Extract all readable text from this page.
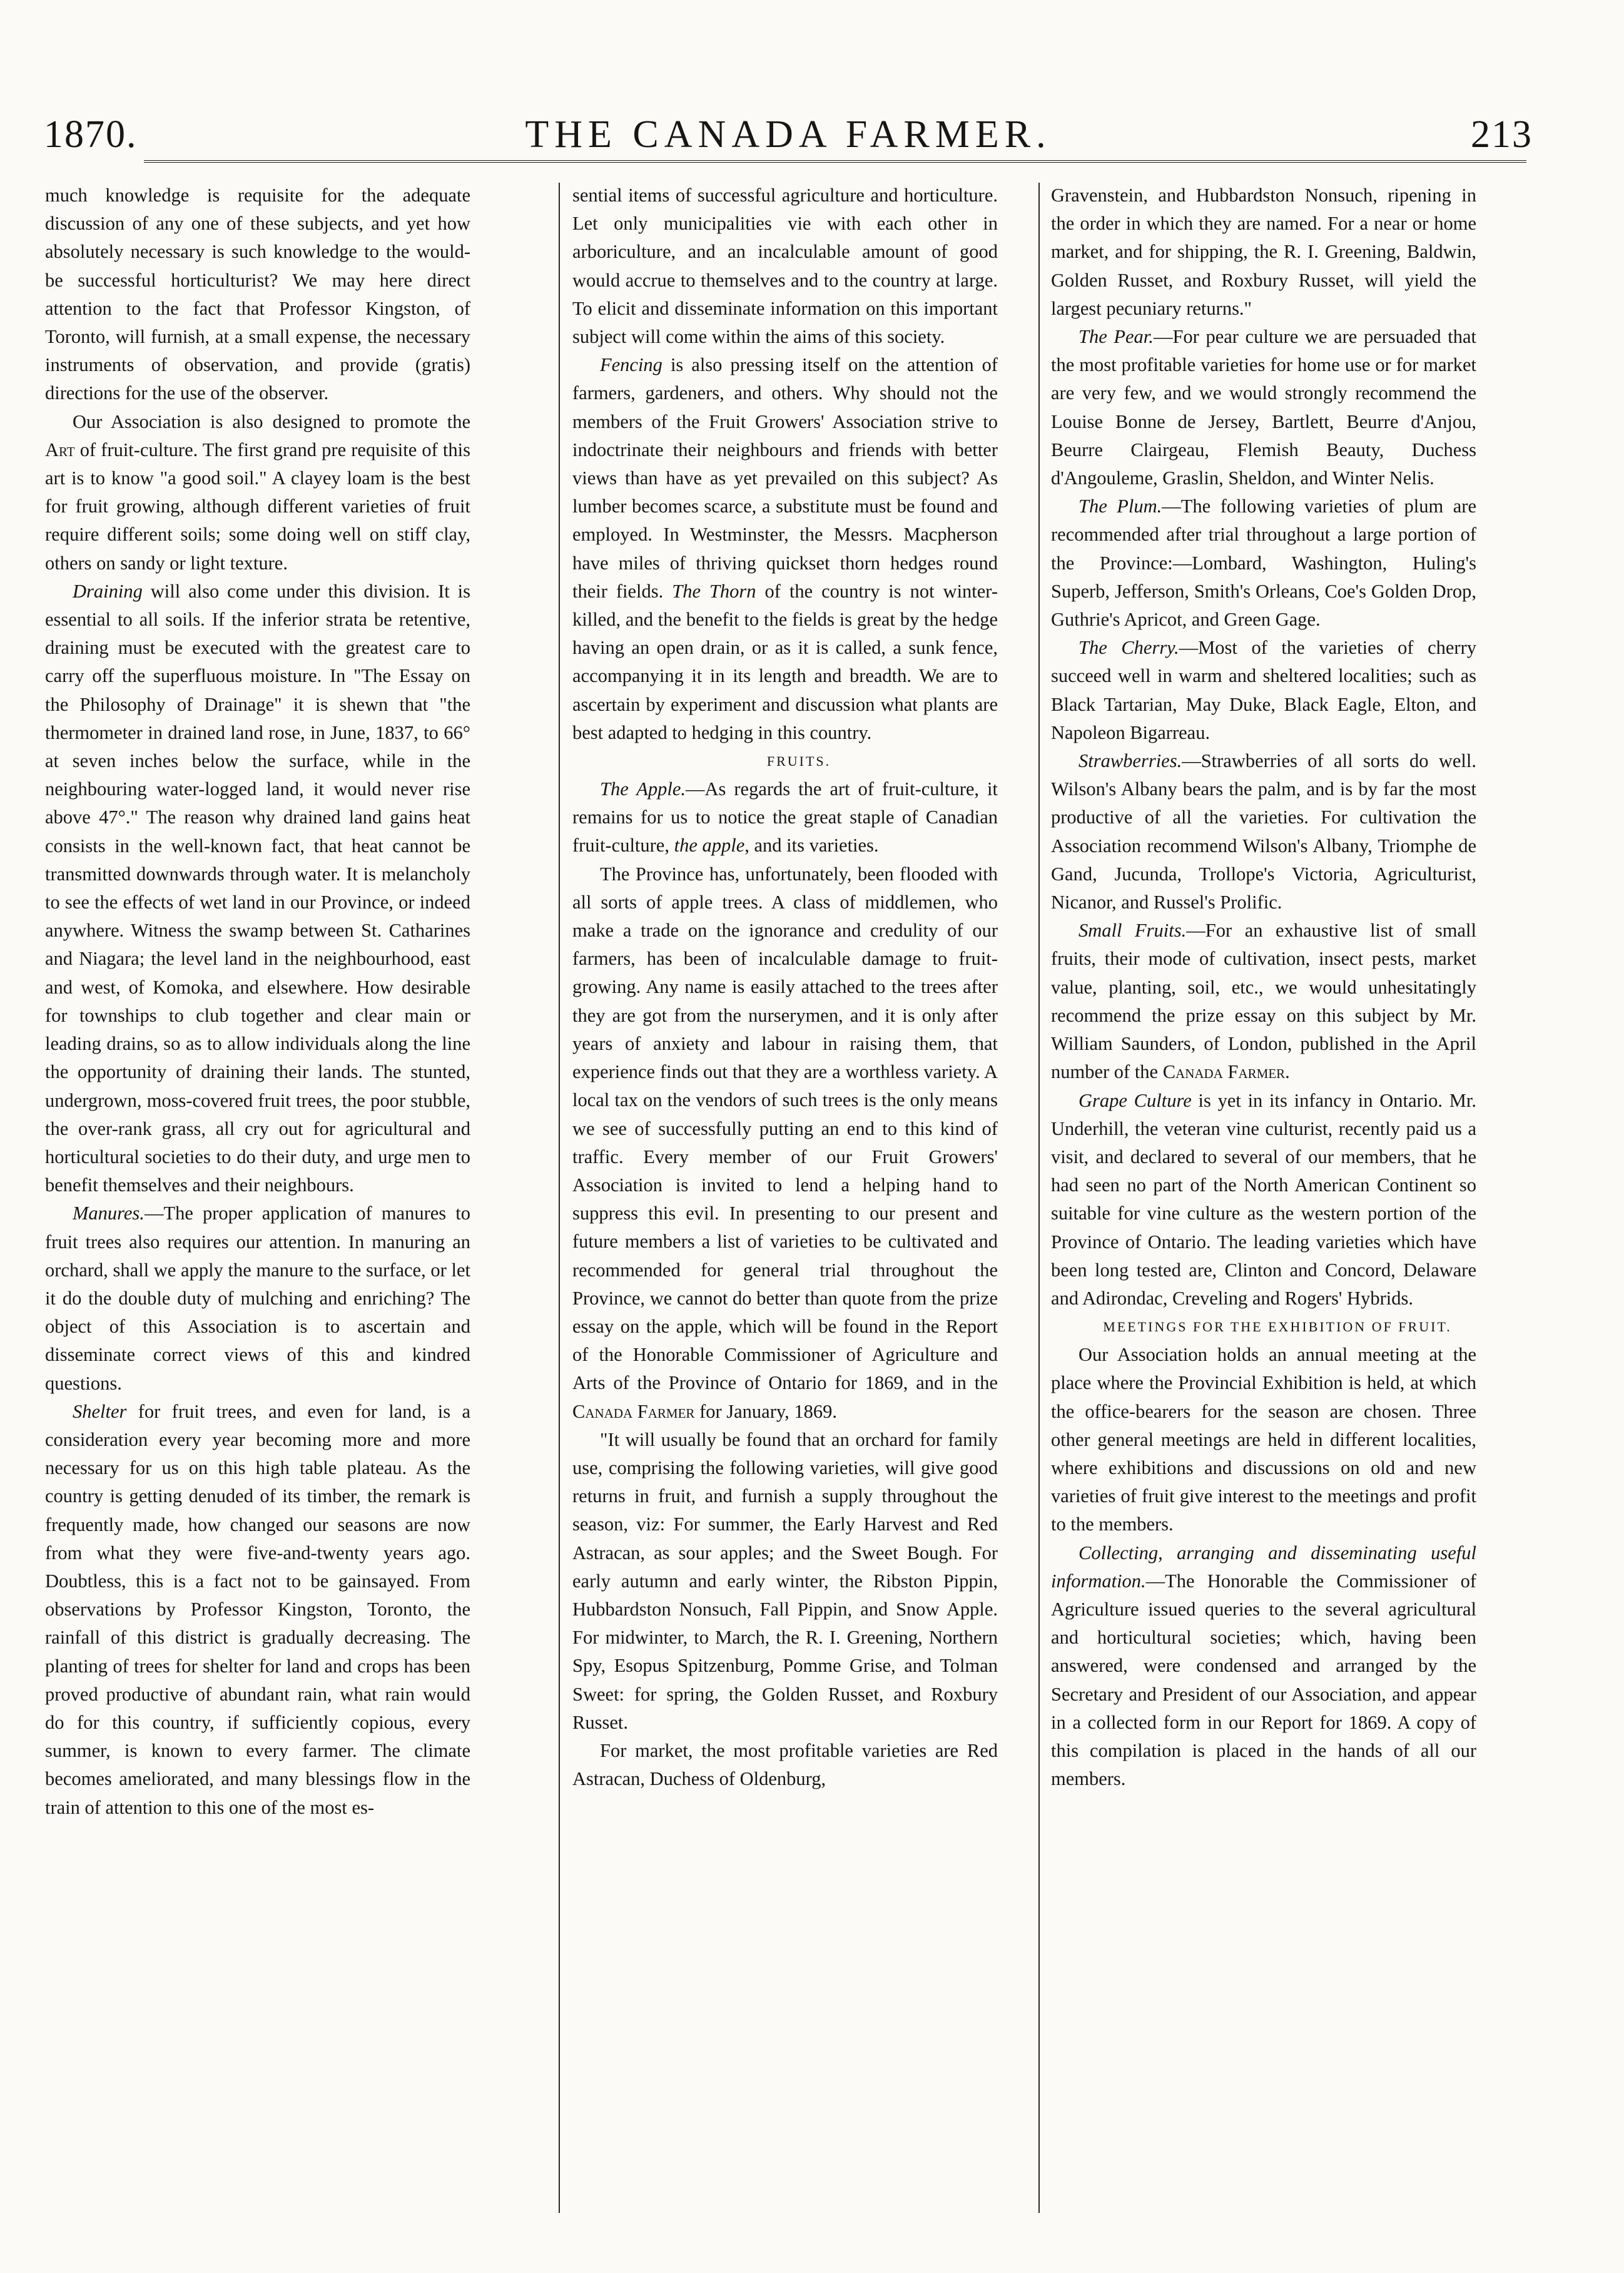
1870.	THE CANADA FARMER.	213

much knowledge is requisite for the adequate discussion of any one of these subjects, and yet how absolutely necessary is such knowledge to the would-be successful horticulturist? We may here direct attention to the fact that Professor Kingston, of Toronto, will furnish, at a small expense, the necessary instruments of observation, and provide (gratis) directions for the use of the observer.

Our Association is also designed to promote the Art of fruit-culture. The first grand pre requisite of this art is to know "a good soil." A clayey loam is the best for fruit growing, although different varieties of fruit require different soils; some doing well on stiff clay, others on sandy or light texture.

Draining will also come under this division. It is essential to all soils. If the inferior strata be retentive, draining must be executed with the greatest care to carry off the superfluous moisture. In "The Essay on the Philosophy of Drainage" it is shewn that "the thermometer in drained land rose, in June, 1837, to 66° at seven inches below the surface, while in the neighbouring water-logged land, it would never rise above 47°." The reason why drained land gains heat consists in the well-known fact, that heat cannot be transmitted downwards through water. It is melancholy to see the effects of wet land in our Province, or indeed anywhere. Witness the swamp between St. Catharines and Niagara; the level land in the neighbourhood, east and west, of Komoka, and elsewhere. How desirable for townships to club together and clear main or leading drains, so as to allow individuals along the line the opportunity of draining their lands. The stunted, undergrown, moss-covered fruit trees, the poor stubble, the over-rank grass, all cry out for agricultural and horticultural societies to do their duty, and urge men to benefit themselves and their neighbours.

Manures.—The proper application of manures to fruit trees also requires our attention. In manuring an orchard, shall we apply the manure to the surface, or let it do the double duty of mulching and enriching? The object of this Association is to ascertain and disseminate correct views of this and kindred questions.

Shelter for fruit trees, and even for land, is a consideration every year becoming more and more necessary for us on this high table plateau. As the country is getting denuded of its timber, the remark is frequently made, how changed our seasons are now from what they were five-and-twenty years ago. Doubtless, this is a fact not to be gainsayed. From observations by Professor Kingston, Toronto, the rainfall of this district is gradually decreasing. The planting of trees for shelter for land and crops has been proved productive of abundant rain, what rain would do for this country, if sufficiently copious, every summer, is known to every farmer. The climate becomes ameliorated, and many blessings flow in the train of attention to this one of the most es-

sential items of successful agriculture and horticulture. Let only municipalities vie with each other in arboriculture, and an incalculable amount of good would accrue to themselves and to the country at large. To elicit and disseminate information on this important subject will come within the aims of this society.

Fencing is also pressing itself on the attention of farmers, gardeners, and others. Why should not the members of the Fruit Growers' Association strive to indoctrinate their neighbours and friends with better views than have as yet prevailed on this subject? As lumber becomes scarce, a substitute must be found and employed. In Westminster, the Messrs. Macpherson have miles of thriving quickset thorn hedges round their fields. The Thorn of the country is not winter-killed, and the benefit to the fields is great by the hedge having an open drain, or as it is called, a sunk fence, accompanying it in its length and breadth. We are to ascertain by experiment and discussion what plants are best adapted to hedging in this country.

FRUITS.

The Apple.—As regards the art of fruit-culture, it remains for us to notice the great staple of Canadian fruit-culture, the apple, and its varieties.

The Province has, unfortunately, been flooded with all sorts of apple trees. A class of middlemen, who make a trade on the ignorance and credulity of our farmers, has been of incalculable damage to fruit-growing. Any name is easily attached to the trees after they are got from the nurserymen, and it is only after years of anxiety and labour in raising them, that experience finds out that they are a worthless variety. A local tax on the vendors of such trees is the only means we see of successfully putting an end to this kind of traffic. Every member of our Fruit Growers' Association is invited to lend a helping hand to suppress this evil. In presenting to our present and future members a list of varieties to be cultivated and recommended for general trial throughout the Province, we cannot do better than quote from the prize essay on the apple, which will be found in the Report of the Honorable Commissioner of Agriculture and Arts of the Province of Ontario for 1869, and in the Canada Farmer for January, 1869.

"It will usually be found that an orchard for family use, comprising the following varieties, will give good returns in fruit, and furnish a supply throughout the season, viz: For summer, the Early Harvest and Red Astracan, as sour apples; and the Sweet Bough. For early autumn and early winter, the Ribston Pippin, Hubbardston Nonsuch, Fall Pippin, and Snow Apple. For midwinter, to March, the R. I. Greening, Northern Spy, Esopus Spitzenburg, Pomme Grise, and Tolman Sweet: for spring, the Golden Russet, and Roxbury Russet.

For market, the most profitable varieties are Red Astracan, Duchess of Oldenburg,

Gravenstein, and Hubbardston Nonsuch, ripening in the order in which they are named. For a near or home market, and for shipping, the R. I. Greening, Baldwin, Golden Russet, and Roxbury Russet, will yield the largest pecuniary returns."

The Pear.—For pear culture we are persuaded that the most profitable varieties for home use or for market are very few, and we would strongly recommend the Louise Bonne de Jersey, Bartlett, Beurre d'Anjou, Beurre Clairgeau, Flemish Beauty, Duchess d'Angouleme, Graslin, Sheldon, and Winter Nelis.

The Plum.—The following varieties of plum are recommended after trial throughout a large portion of the Province:—Lombard, Washington, Huling's Superb, Jefferson, Smith's Orleans, Coe's Golden Drop, Guthrie's Apricot, and Green Gage.

The Cherry.—Most of the varieties of cherry succeed well in warm and sheltered localities; such as Black Tartarian, May Duke, Black Eagle, Elton, and Napoleon Bigarreau.

Strawberries.—Strawberries of all sorts do well. Wilson's Albany bears the palm, and is by far the most productive of all the varieties. For cultivation the Association recommend Wilson's Albany, Triomphe de Gand, Jucunda, Trollope's Victoria, Agriculturist, Nicanor, and Russel's Prolific.

Small Fruits.—For an exhaustive list of small fruits, their mode of cultivation, insect pests, market value, planting, soil, etc., we would unhesitatingly recommend the prize essay on this subject by Mr. William Saunders, of London, published in the April number of the Canada Farmer.

Grape Culture is yet in its infancy in Ontario. Mr. Underhill, the veteran vine culturist, recently paid us a visit, and declared to several of our members, that he had seen no part of the North American Continent so suitable for vine culture as the western portion of the Province of Ontario. The leading varieties which have been long tested are, Clinton and Concord, Delaware and Adirondac, Creveling and Rogers' Hybrids.

MEETINGS FOR THE EXHIBITION OF FRUIT.

Our Association holds an annual meeting at the place where the Provincial Exhibition is held, at which the office-bearers for the season are chosen. Three other general meetings are held in different localities, where exhibitions and discussions on old and new varieties of fruit give interest to the meetings and profit to the members.

Collecting, arranging and disseminating useful information.—The Honorable the Commissioner of Agriculture issued queries to the several agricultural and horticultural societies; which, having been answered, were condensed and arranged by the Secretary and President of our Association, and appear in a collected form in our Report for 1869. A copy of this compilation is placed in the hands of all our members.
